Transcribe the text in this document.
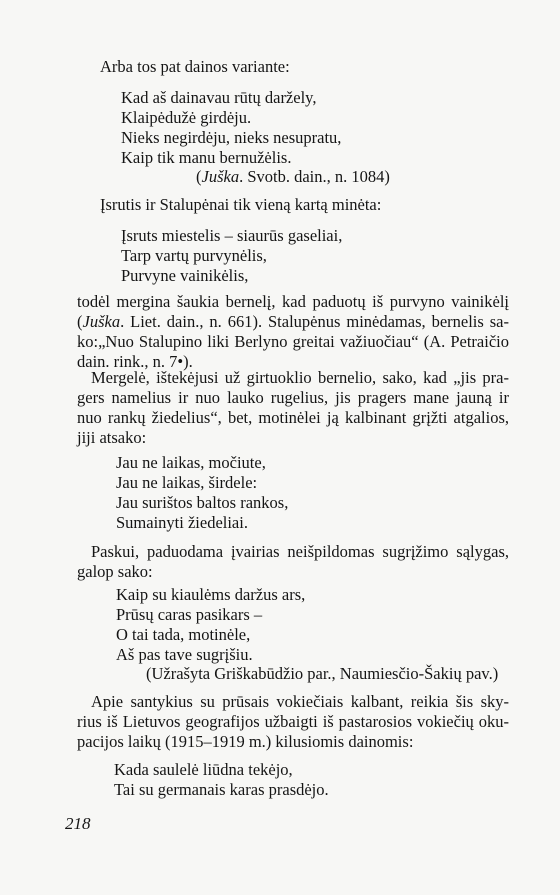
Arba tos pat dainos variante:
Kad aš dainavau rūtų daržely,
Klaipėdužė girdėju.
Nieks negirdėju, nieks nesupratu,
Kaip tik manu bernužėlis.
(Juška. Svotb. dain., n. 1084)
Įsrutis ir Stalupėnai tik vieną kartą minėta:
Įsruts miestelis – siaurūs gaseliai,
Tarp vartų purvynėlis,
Purvyne vainikėlis,
todėl mergina šaukia bernelį, kad paduotų iš purvyno vainikėlį
(Juška. Liet. dain., n. 661). Stalupėnus minėdamas, bernelis sa-
ko:„Nuo Stalupino liki Berlyno greitai važiuočiau“ (A. Petraičio
dain. rink., n. 7•).
Mergelė, ištekėjusi už girtuoklio bernelio, sako, kad „jis pra-
gers namelius ir nuo lauko rugelius, jis pragers mane jauną ir
nuo rankų žiedelius“, bet, motinėlei ją kalbinant grįžti atgalios,
jiji atsako:
Jau ne laikas, močiute,
Jau ne laikas, širdele:
Jau surištos baltos rankos,
Sumainyti žiedeliai.
Paskui, paduodama įvairias neišpildomas sugrįžimo sąlygas,
galop sako:
Kaip su kiaulėms daržus ars,
Prūsų caras pasikars –
O tai tada, motinėle,
Aš pas tave sugrįšiu.
(Užrašyta Griškabūdžio par., Naumiesčio-Šakių pav.)
Apie santykius su prūsais vokiečiais kalbant, reikia šis sky-
rius iš Lietuvos geografijos užbaigti iš pastarosios vokiečių oku-
pacijos laikų (1915–1919 m.) kilusiomis dainomis:
Kada saulelė liūdna tekėjo,
Tai su germanais karas prasdėjo.
218
